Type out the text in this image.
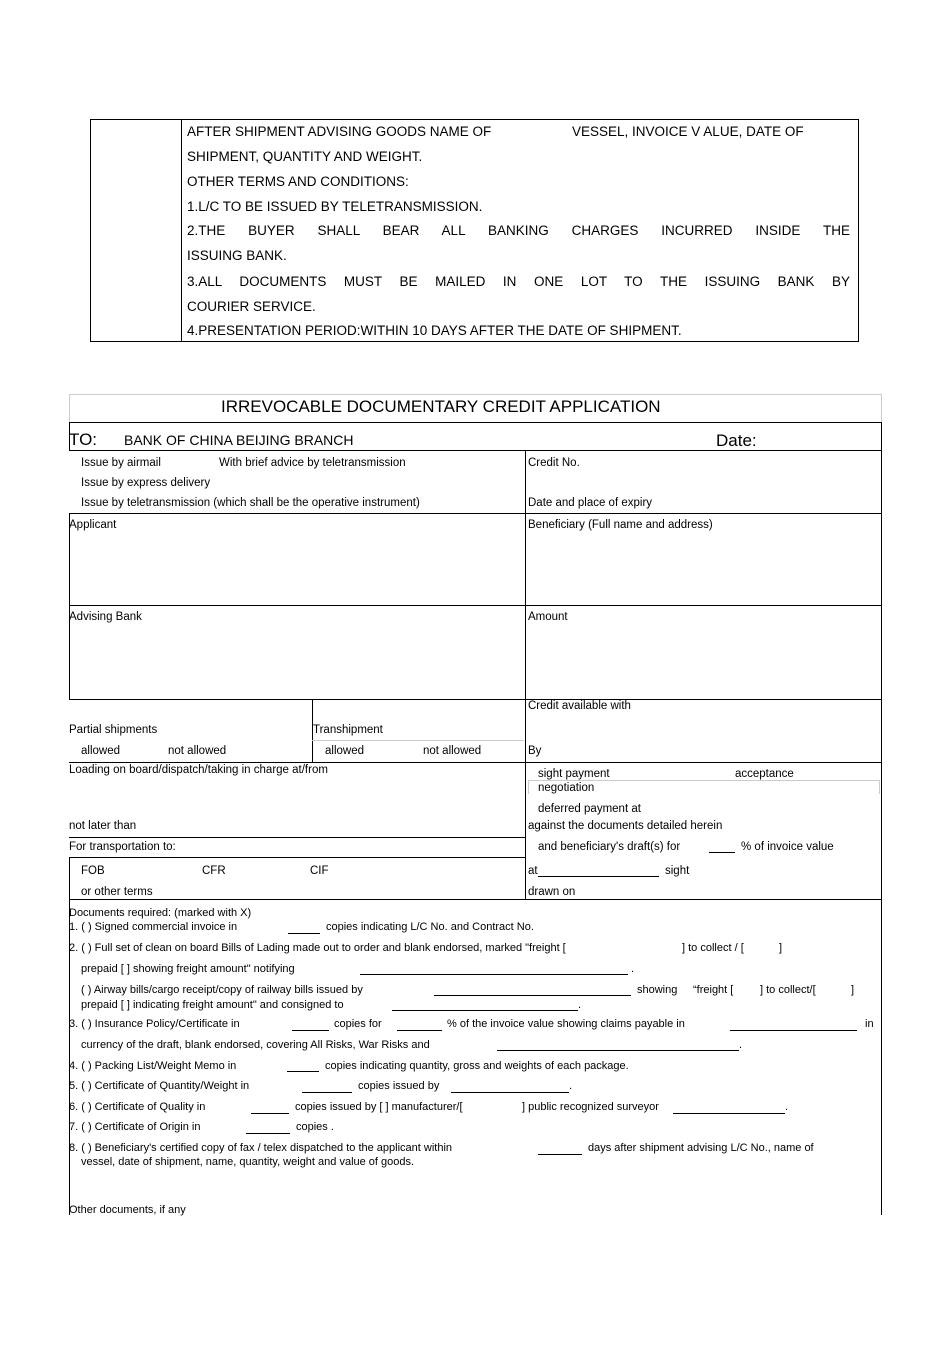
AFTER SHIPMENT ADVISING GOODS NAME OF	VESSEL, INVOICE V ALUE, DATE OF
SHIPMENT, QUANTITY AND WEIGHT.
OTHER TERMS AND CONDITIONS:
1.L/C TO BE ISSUED BY TELETRANSMISSION.
2.THE BUYER SHALL BEAR ALL BANKING CHARGES INCURRED INSIDE THE
ISSUING BANK.
3.ALL DOCUMENTS MUST BE MAILED IN ONE LOT TO THE ISSUING BANK BY
COURIER SERVICE.
4.PRESENTATION PERIOD:WITHIN 10 DAYS AFTER THE DATE OF SHIPMENT.
IRREVOCABLE DOCUMENTARY CREDIT APPLICATION
TO: BANK OF CHINA BEIJING BRANCH	Date:
Issue by airmail	With brief advice by teletransmission
Issue by express delivery
Issue by teletransmission (which shall be the operative instrument)
Credit No.
Date and place of expiry
Applicant	Beneficiary (Full name and address)
Advising Bank	Amount
Credit available with
Partial shipments	Transhipment
allowed	not allowed	allowed	not allowed	By
Loading on board/dispatch/taking in charge at/from	sight payment	acceptance
negotiation
deferred payment at
not later than	against the documents detailed herein
For transportation to:	and beneficiary's draft(s) for	% of invoice value
FOB	CFR	CIF	at	sight
or other terms	drawn on
Documents required: (marked with X)
1. ( ) Signed commercial invoice in	copies indicating L/C No. and Contract No.
2. ( ) Full set of clean on board Bills of Lading made out to order and blank endorsed, marked "freight [	] to collect / [	]
prepaid [ ] showing freight amount" notifying	.
( ) Airway bills/cargo receipt/copy of railway bills issued by	showing “freight [ ] to collect/[	]
prepaid [ ] indicating freight amount" and consigned to	.
3. ( ) Insurance Policy/Certificate in	copies for	% of the invoice value showing claims payable in	in
currency of the draft, blank endorsed, covering All Risks, War Risks and	.
4. ( ) Packing List/Weight Memo in	copies indicating quantity, gross and weights of each package.
5. ( ) Certificate of Quantity/Weight in	copies issued by	.
6. ( ) Certificate of Quality in	copies issued by [ ] manufacturer/[	] public recognized surveyor	.
7. ( ) Certificate of Origin in	copies .
8. ( ) Beneficiary's certified copy of fax / telex dispatched to the applicant within	days after shipment advising L/C No., name of
vessel, date of shipment, name, quantity, weight and value of goods.
Other documents, if any
